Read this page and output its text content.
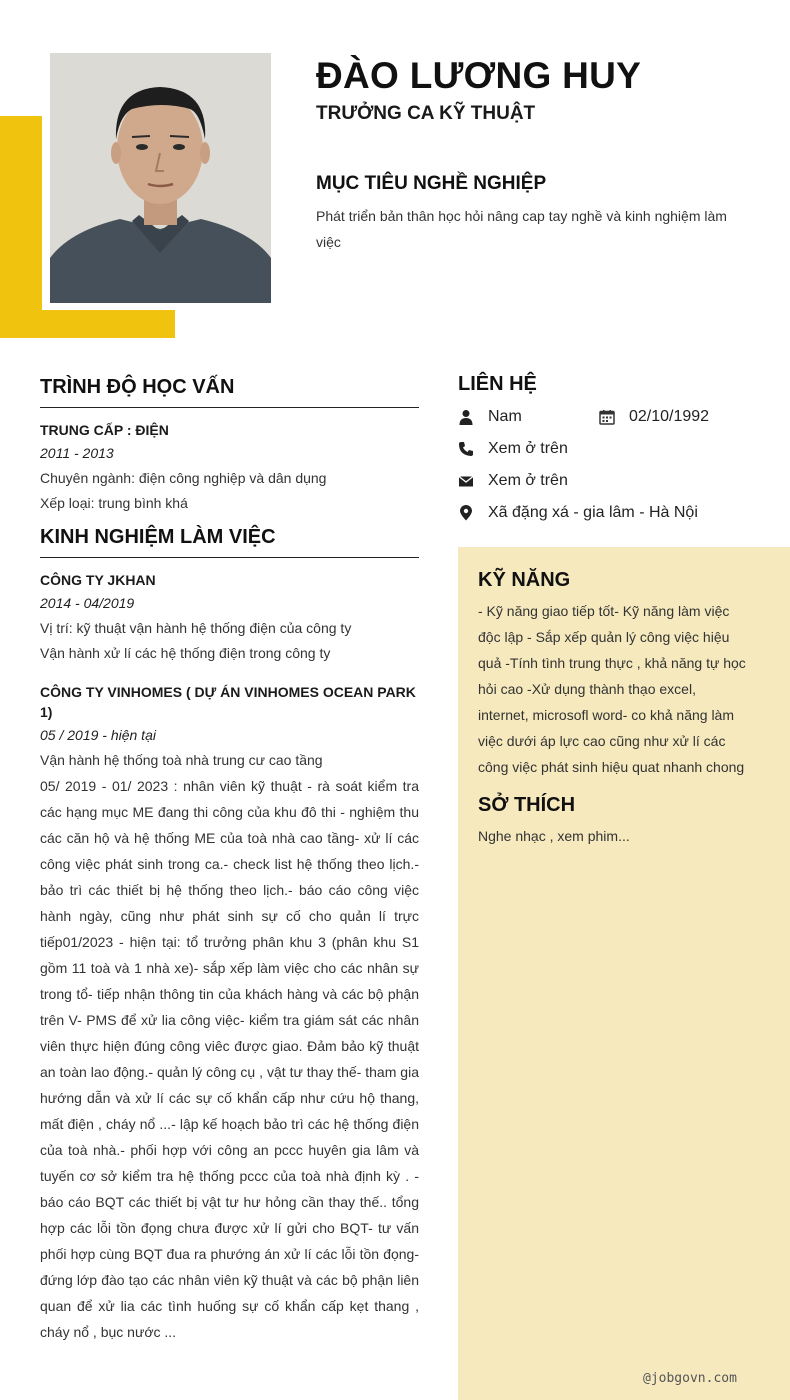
ĐÀO LƯƠNG HUY
TRƯỞNG CA KỸ THUẬT
MỤC TIÊU NGHỀ NGHIỆP
Phát triển bản thân học hỏi nâng cap tay nghề và kinh nghiệm làm việc
TRÌNH ĐỘ HỌC VẤN
TRUNG CẤP : ĐIỆN
2011 - 2013
Chuyên ngành: điện công nghiệp và dân dụng
Xếp loại: trung bình khá
KINH NGHIỆM LÀM VIỆC
CÔNG TY JKHAN
2014 - 04/2019
Vị trí: kỹ thuật vận hành hệ thống điện của công ty
Vận hành xử lí các hệ thống điện trong công ty
CÔNG TY VINHOMES ( DỰ ÁN VINHOMES OCEAN PARK 1)
05 / 2019 - hiện tại
Vận hành hệ thống toà nhà trung cư cao tầng
05/ 2019 - 01/ 2023 : nhân viên kỹ thuật - rà soát kiểm tra các hạng mục ME đang thi công của khu đô thi - nghiệm thu các căn hộ và hệ thống ME của toà nhà cao tầng- xử lí các công việc phát sinh trong ca.- check list hệ thống theo lịch.- bảo trì các thiết bị hệ thống theo lịch.- báo cáo công việc hành ngày, cũng như phát sinh sự cố cho quản lí trực tiếp01/2023 - hiện tại: tổ trưởng phân khu 3 (phân khu S1 gồm 11 toà và 1 nhà xe)- sắp xếp làm việc cho các nhân sự trong tổ- tiếp nhận thông tin của khách hàng và các bộ phận trên V- PMS để xử lia công việc- kiểm tra giám sát các nhân viên thực hiện đúng công viêc được giao. Đảm bảo kỹ thuật an toàn lao động.- quản lý công cụ , vật tư thay thế- tham gia hướng dẫn và xử lí các sự cố khẩn cấp như cứu hộ thang, mất điện , cháy nổ ...- lập kế hoạch bảo trì các hệ thống điện của toà nhà.- phối hợp với công an pccc huyên gia lâm và tuyến cơ sở kiểm tra hệ thống pccc của toà nhà định kỳ . -báo cáo BQT các thiết bị vật tư hư hỏng cần thay thế.. tổng hợp các lỗi tồn đọng chưa được xử lí gửi cho BQT- tư vấn phối hợp cùng BQT đua ra phướng án xử lí các lỗi tồn đọng- đứng lớp đào tạo các nhân viên kỹ thuật và các bộ phận liên quan để xử lia các tình huống sự cố khẩn cấp kẹt thang , cháy nổ , bục nước ...
LIÊN HỆ
Nam	02/10/1992
Xem ở trên
Xem ở trên
Xã đặng xá - gia lâm - Hà Nội
KỸ NĂNG
- Kỹ năng giao tiếp tốt- Kỹ năng làm việc độc lập - Sắp xếp quản lý công việc hiệu quả -Tính tình trung thực , khả năng tự học hỏi cao -Xử dụng thành thạo excel, internet, microsofl word- co khả năng làm việc dưới áp lực cao cũng như xử lí các công việc phát sinh hiệu quat nhanh chong
SỞ THÍCH
Nghe nhạc , xem phim...
@jobgovn.com
